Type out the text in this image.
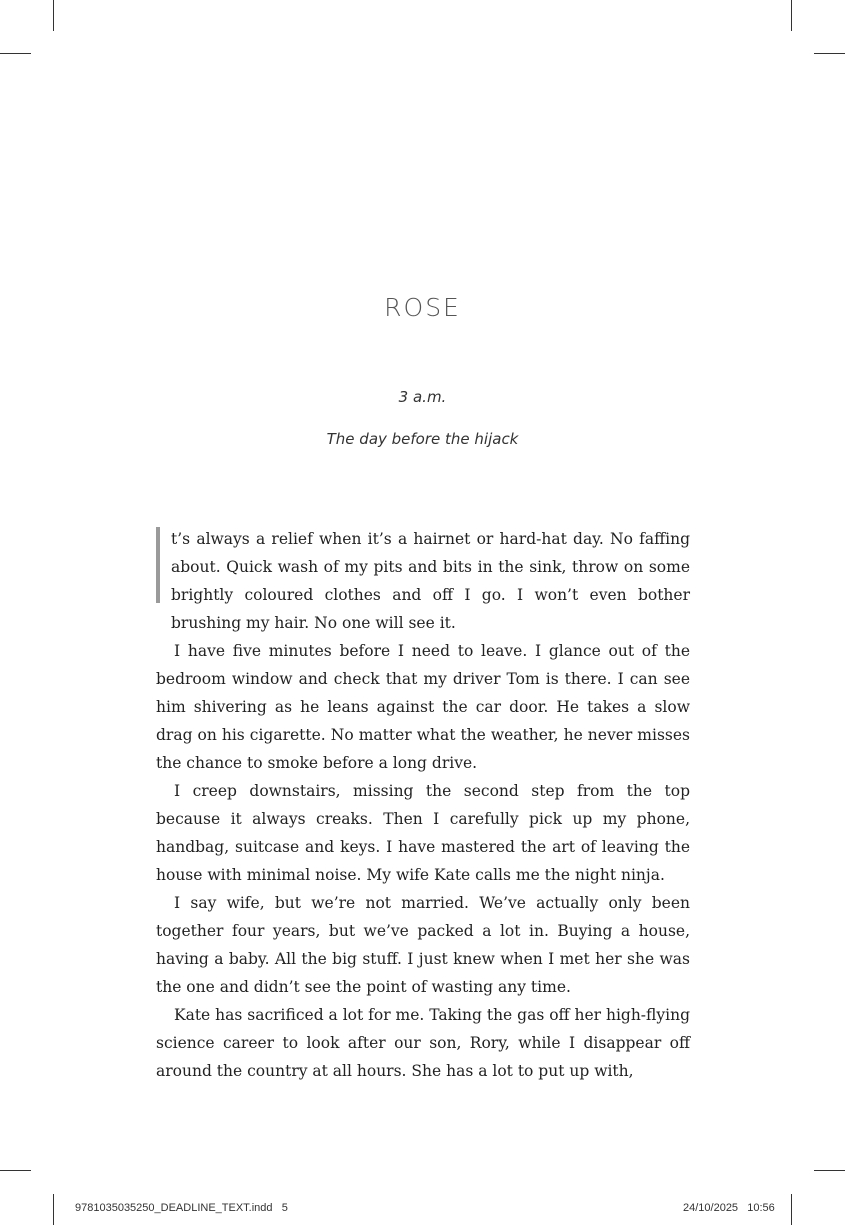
ROSE
3 a.m.
The day before the hijack

t’s always a relief when it’s a hairnet or hard-hat day. No faffing about. Quick wash of my pits and bits in the sink, throw on some brightly coloured clothes and off I go. I won’t even bother brushing my hair. No one will see it.

I have five minutes before I need to leave. I glance out of the bedroom window and check that my driver Tom is there. I can see him shivering as he leans against the car door. He takes a slow drag on his cigarette. No matter what the weather, he never misses the chance to smoke before a long drive.

I creep downstairs, missing the second step from the top because it always creaks. Then I carefully pick up my phone, handbag, suitcase and keys. I have mastered the art of leaving the house with minimal noise. My wife Kate calls me the night ninja.

I say wife, but we’re not married. We’ve actually only been together four years, but we’ve packed a lot in. Buying a house, having a baby. All the big stuff. I just knew when I met her she was the one and didn’t see the point of wasting any time.

Kate has sacrificed a lot for me. Taking the gas off her high-flying science career to look after our son, Rory, while I disappear off around the country at all hours. She has a lot to put up with,

9781035035250_DEADLINE_TEXT.indd 5	24/10/2025 10:56
